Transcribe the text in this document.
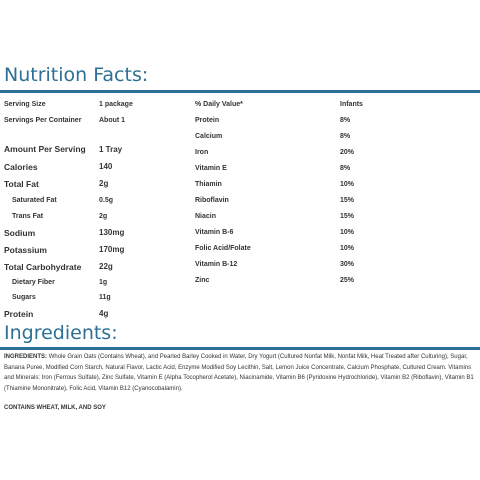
Nutrition Facts:
Serving Size	1 package
Servings Per Container	About 1
Amount Per Serving 1 Tray
Calories	140
Total Fat	2g
Saturated Fat	0.5g
Trans Fat	2g
Sodium	130mg
Potassium	170mg
Total Carbohydrate 22g
Dietary Fiber	1g
Sugars	11g
Protein	4g
% Daily Value*	Infants
Protein	8%
Calcium	8%
Iron	20%
Vitamin E	8%
Thiamin	10%
Riboflavin	15%
Niacin	15%
Vitamin B-6	10%
Folic Acid/Folate	10%
Vitamin B-12	30%
Zinc	25%
Ingredients:

INGREDIENTS: Whole Grain Oats (Contains Wheat), and Pearled Barley Cooked in Water, Dry Yogurt (Cultured Nonfat Milk, Nonfat Milk, Heat Treated after Culturing), Sugar, Banana Puree, Modified Corn Starch, Natural Flavor, Lactic Acid, Enzyme Modified Soy Lecithin, Salt, Lemon Juice Concentrate, Calcium Phosphate, Cultured Cream. Vitamins and Minerals: Iron (Ferrous Sulfate), Zinc Sulfate, Vitamin E (Alpha Tocopherol Acetate), Niacinamide, Vitamin B6 (Pyridoxine Hydrochloride), Vitamin B2 (Riboflavin), Vitamin B1 (Thiamine Mononitrate), Folic Acid, Vitamin B12 (Cyanocobalamin).

CONTAINS WHEAT, MILK, AND SOY
